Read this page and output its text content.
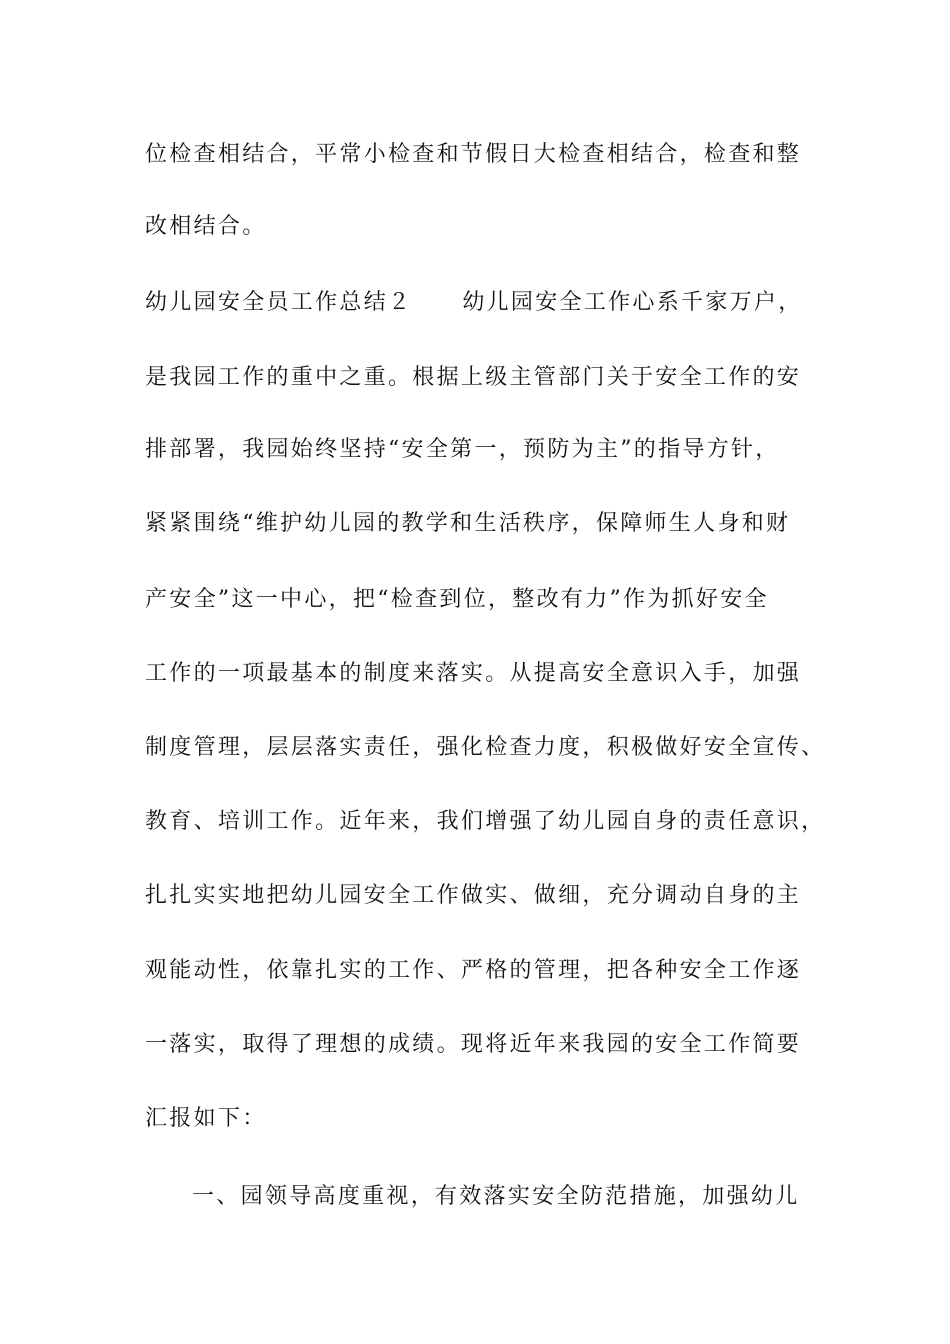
位检查相结合，平常小检查和节假日大检查相结合，检查和整
改相结合。
幼儿园安全员工作总结２ 幼儿园安全工作心系千家万户，
是我园工作的重中之重。根据上级主管部门关于安全工作的安
排部署，我园始终坚持“安全第一，预防为主”的指导方针，
紧紧围绕“维护幼儿园的教学和生活秩序，保障师生人身和财
产安全”这一中心，把“检查到位，整改有力”作为抓好安全
工作的一项最基本的制度来落实。从提高安全意识入手，加强
制度管理，层层落实责任，强化检查力度，积极做好安全宣传、
教育、培训工作。近年来，我们增强了幼儿园自身的责任意识，
扎扎实实地把幼儿园安全工作做实、做细，充分调动自身的主
观能动性，依靠扎实的工作、严格的管理，把各种安全工作逐
一落实，取得了理想的成绩。现将近年来我园的安全工作简要
汇报如下：
一、园领导高度重视，有效落实安全防范措施，加强幼儿
